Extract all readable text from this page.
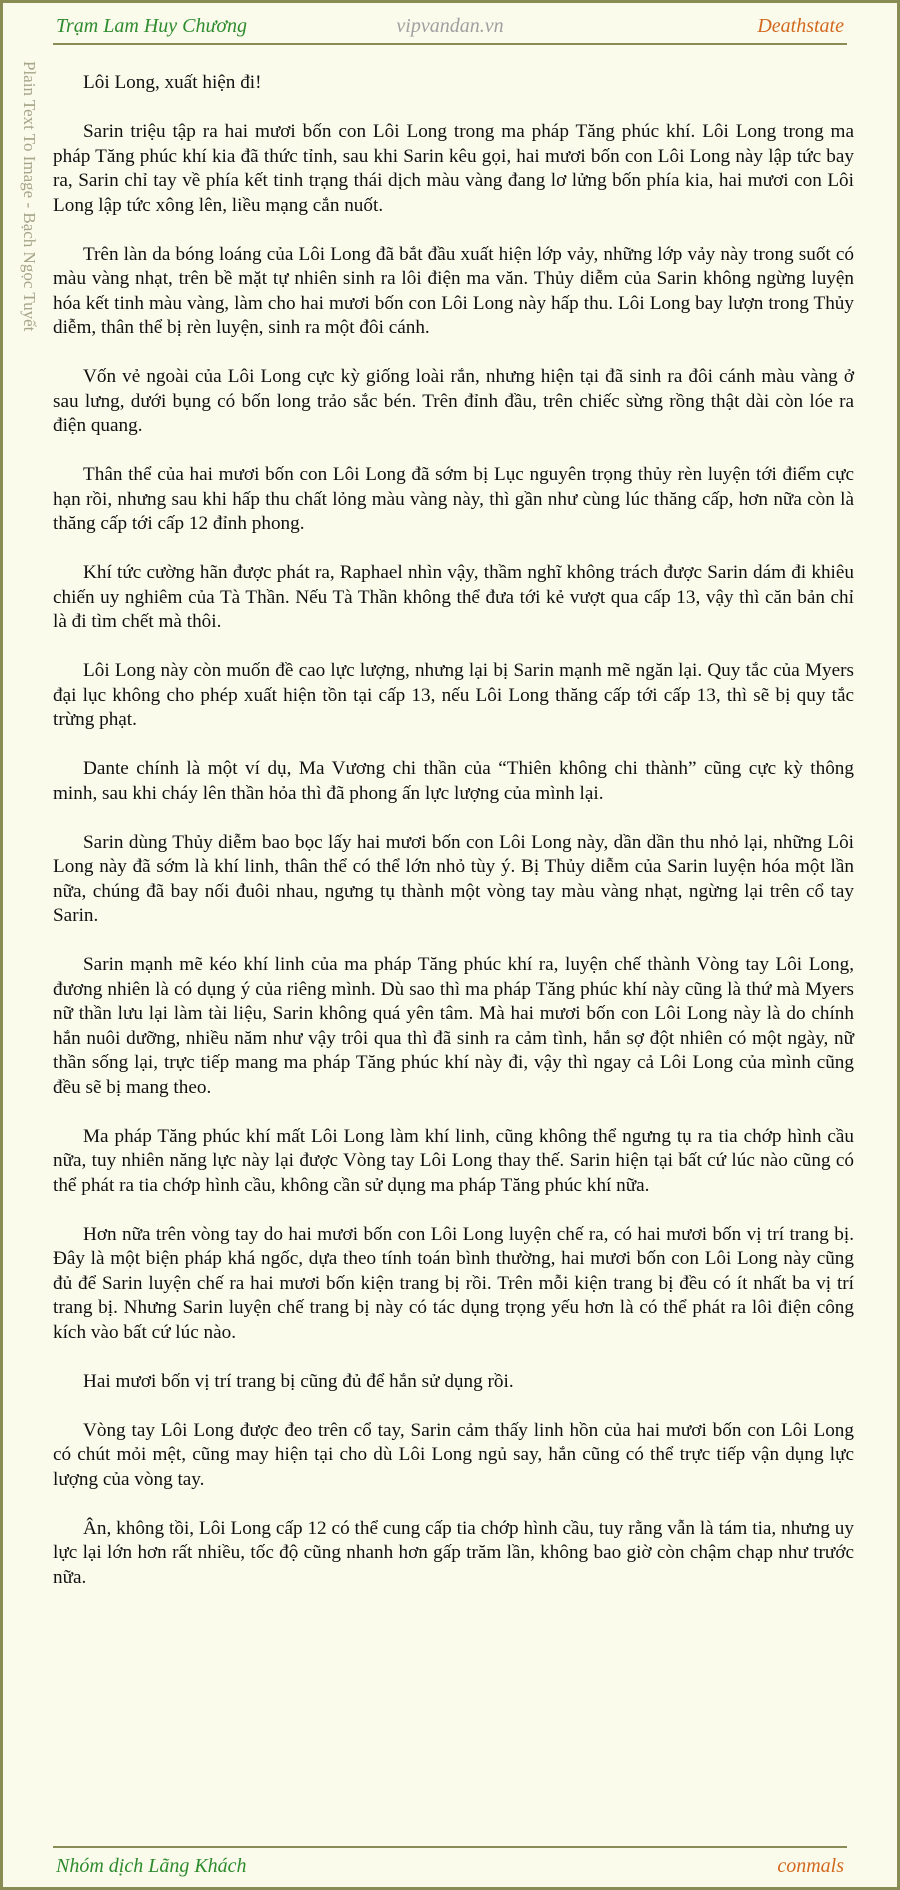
Trạm Lam Huy Chương	vipvandan.vn	Deathstate
Plain Text To Image - Bạch Ngọc Tuyết	Lôi Long, xuất hiện đi!

Sarin triệu tập ra hai mươi bốn con Lôi Long trong ma pháp Tăng phúc khí. Lôi Long trong ma pháp Tăng phúc khí kia đã thức tỉnh, sau khi Sarin kêu gọi, hai mươi bốn con Lôi Long này lập tức bay ra, Sarin chỉ tay về phía kết tinh trạng thái dịch màu vàng đang lơ lửng bốn phía kia, hai mươi con Lôi Long lập tức xông lên, liều mạng cắn nuốt.

Trên làn da bóng loáng của Lôi Long đã bắt đầu xuất hiện lớp vảy, những lớp vảy này trong suốt có màu vàng nhạt, trên bề mặt tự nhiên sinh ra lôi điện ma văn. Thủy diễm của Sarin không ngừng luyện hóa kết tinh màu vàng, làm cho hai mươi bốn con Lôi Long này hấp thu. Lôi Long bay lượn trong Thủy diễm, thân thể bị rèn luyện, sinh ra một đôi cánh.

Vốn vẻ ngoài của Lôi Long cực kỳ giống loài rắn, nhưng hiện tại đã sinh ra đôi cánh màu vàng ở sau lưng, dưới bụng có bốn long trảo sắc bén. Trên đỉnh đầu, trên chiếc sừng rồng thật dài còn lóe ra điện quang.

Thân thể của hai mươi bốn con Lôi Long đã sớm bị Lục nguyên trọng thủy rèn luyện tới điểm cực hạn rồi, nhưng sau khi hấp thu chất lỏng màu vàng này, thì gần như cùng lúc thăng cấp, hơn nữa còn là thăng cấp tới cấp 12 đỉnh phong.

Khí tức cường hãn được phát ra, Raphael nhìn vậy, thầm nghĩ không trách được Sarin dám đi khiêu chiến uy nghiêm của Tà Thần. Nếu Tà Thần không thể đưa tới kẻ vượt qua cấp 13, vậy thì căn bản chỉ là đi tìm chết mà thôi.

Lôi Long này còn muốn đề cao lực lượng, nhưng lại bị Sarin mạnh mẽ ngăn lại. Quy tắc của Myers đại lục không cho phép xuất hiện tồn tại cấp 13, nếu Lôi Long thăng cấp tới cấp 13, thì sẽ bị quy tắc trừng phạt.

Dante chính là một ví dụ, Ma Vương chi thần của “Thiên không chi thành” cũng cực kỳ thông minh, sau khi cháy lên thần hỏa thì đã phong ấn lực lượng của mình lại.

Sarin dùng Thủy diễm bao bọc lấy hai mươi bốn con Lôi Long này, dần dần thu nhỏ lại, những Lôi Long này đã sớm là khí linh, thân thể có thể lớn nhỏ tùy ý. Bị Thủy diễm của Sarin luyện hóa một lần nữa, chúng đã bay nối đuôi nhau, ngưng tụ thành một vòng tay màu vàng nhạt, ngừng lại trên cổ tay Sarin.

Sarin mạnh mẽ kéo khí linh của ma pháp Tăng phúc khí ra, luyện chế thành Vòng tay Lôi Long, đương nhiên là có dụng ý của riêng mình. Dù sao thì ma pháp Tăng phúc khí này cũng là thứ mà Myers nữ thần lưu lại làm tài liệu, Sarin không quá yên tâm. Mà hai mươi bốn con Lôi Long này là do chính hắn nuôi dưỡng, nhiều năm như vậy trôi qua thì đã sinh ra cảm tình, hắn sợ đột nhiên có một ngày, nữ thần sống lại, trực tiếp mang ma pháp Tăng phúc khí này đi, vậy thì ngay cả Lôi Long của mình cũng đều sẽ bị mang theo.

Ma pháp Tăng phúc khí mất Lôi Long làm khí linh, cũng không thể ngưng tụ ra tia chớp hình cầu nữa, tuy nhiên năng lực này lại được Vòng tay Lôi Long thay thế. Sarin hiện tại bất cứ lúc nào cũng có thể phát ra tia chớp hình cầu, không cần sử dụng ma pháp Tăng phúc khí nữa.

Hơn nữa trên vòng tay do hai mươi bốn con Lôi Long luyện chế ra, có hai mươi bốn vị trí trang bị. Đây là một biện pháp khá ngốc, dựa theo tính toán bình thường, hai mươi bốn con Lôi Long này cũng đủ để Sarin luyện chế ra hai mươi bốn kiện trang bị rồi. Trên mỗi kiện trang bị đều có ít nhất ba vị trí trang bị. Nhưng Sarin luyện chế trang bị này có tác dụng trọng yếu hơn là có thể phát ra lôi điện công kích vào bất cứ lúc nào.

Hai mươi bốn vị trí trang bị cũng đủ để hắn sử dụng rồi.

Vòng tay Lôi Long được đeo trên cổ tay, Sarin cảm thấy linh hồn của hai mươi bốn con Lôi Long có chút mỏi mệt, cũng may hiện tại cho dù Lôi Long ngủ say, hắn cũng có thể trực tiếp vận dụng lực lượng của vòng tay.

Ân, không tồi, Lôi Long cấp 12 có thể cung cấp tia chớp hình cầu, tuy rằng vẫn là tám tia, nhưng uy lực lại lớn hơn rất nhiều, tốc độ cũng nhanh hơn gấp trăm lần, không bao giờ còn chậm chạp như trước nữa.

Nhóm dịch Lãng Khách	conmals
